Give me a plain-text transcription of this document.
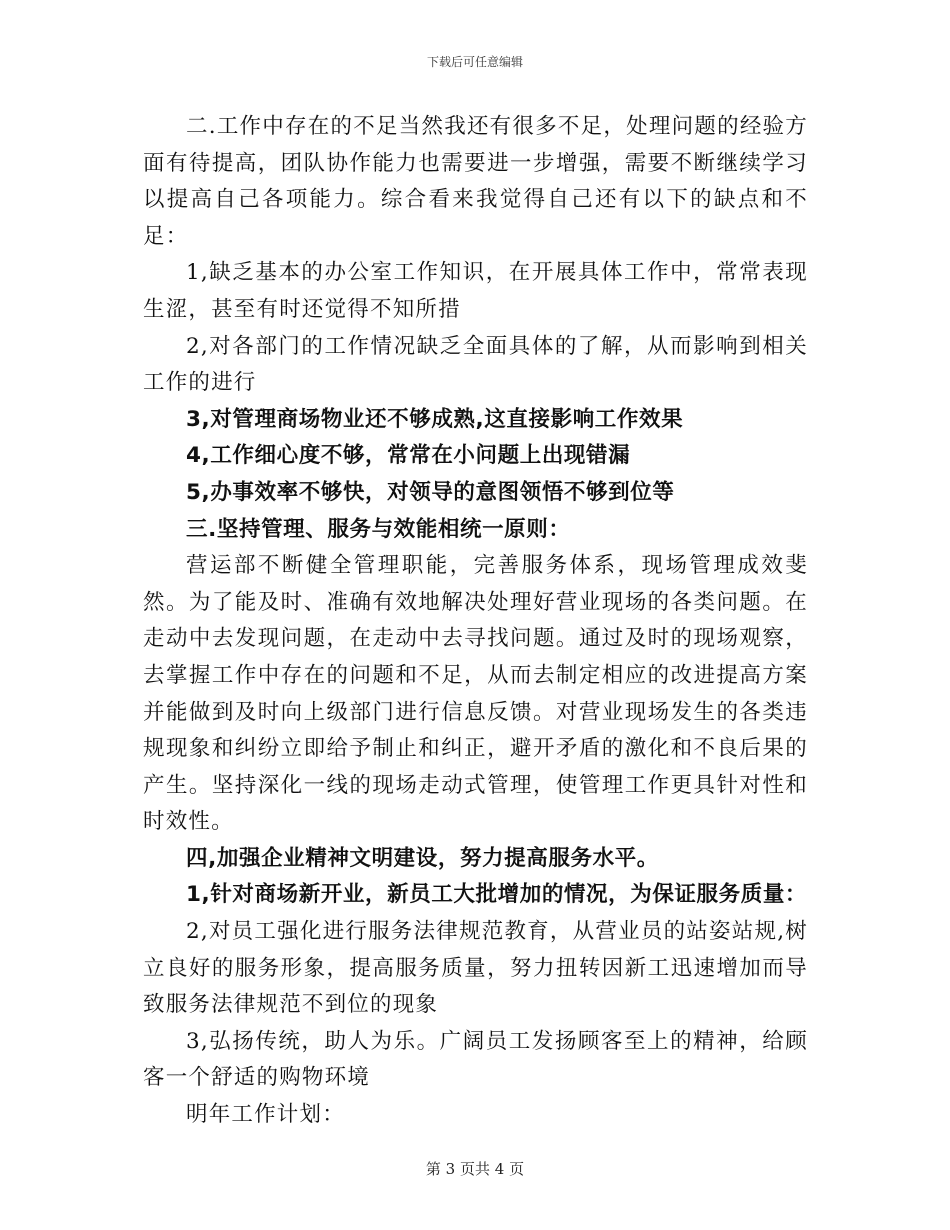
下载后可任意编辑

二.工作中存在的不足当然我还有很多不足，处理问题的经验方面有待提高，团队协作能力也需要进一步增强，需要不断继续学习以提高自己各项能力。综合看来我觉得自己还有以下的缺点和不足：

1,缺乏基本的办公室工作知识，在开展具体工作中，常常表现生涩，甚至有时还觉得不知所措

2,对各部门的工作情况缺乏全面具体的了解，从而影响到相关工作的进行

3,对管理商场物业还不够成熟,这直接影响工作效果

4,工作细心度不够，常常在小问题上出现错漏

5,办事效率不够快，对领导的意图领悟不够到位等

三.坚持管理、服务与效能相统一原则：

营运部不断健全管理职能，完善服务体系，现场管理成效斐然。为了能及时、准确有效地解决处理好营业现场的各类问题。在走动中去发现问题，在走动中去寻找问题。通过及时的现场观察，去掌握工作中存在的问题和不足，从而去制定相应的改进提高方案并能做到及时向上级部门进行信息反馈。对营业现场发生的各类违规现象和纠纷立即给予制止和纠正，避开矛盾的激化和不良后果的产生。坚持深化一线的现场走动式管理，使管理工作更具针对性和时效性。

四,加强企业精神文明建设，努力提高服务水平。

1,针对商场新开业，新员工大批增加的情况，为保证服务质量：

2,对员工强化进行服务法律规范教育，从营业员的站姿站规,树立良好的服务形象，提高服务质量，努力扭转因新工迅速增加而导致服务法律规范不到位的现象

3,弘扬传统，助人为乐。广阔员工发扬顾客至上的精神，给顾客一个舒适的购物环境

明年工作计划：

第 3 页共 4 页
